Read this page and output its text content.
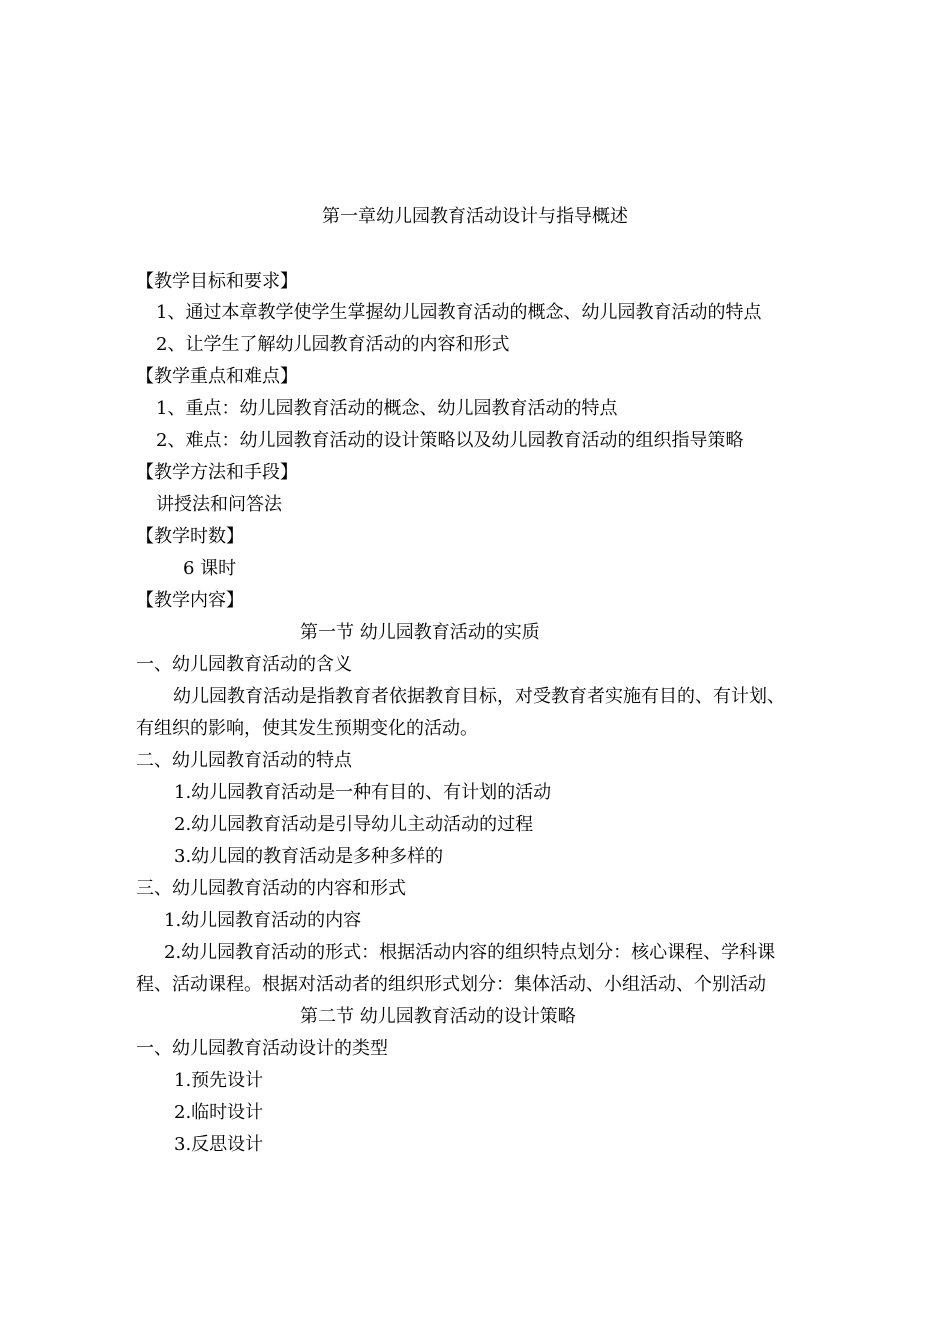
第一章幼儿园教育活动设计与指导概述
【教学目标和要求】
1、通过本章教学使学生掌握幼儿园教育活动的概念、幼儿园教育活动的特点
2、让学生了解幼儿园教育活动的内容和形式
【教学重点和难点】
1、重点：幼儿园教育活动的概念、幼儿园教育活动的特点
2、难点：幼儿园教育活动的设计策略以及幼儿园教育活动的组织指导策略
【教学方法和手段】
讲授法和问答法
【教学时数】
6 课时
【教学内容】
第一节 幼儿园教育活动的实质
一、幼儿园教育活动的含义
幼儿园教育活动是指教育者依据教育目标，对受教育者实施有目的、有计划、
有组织的影响，使其发生预期变化的活动。
二、幼儿园教育活动的特点
1.幼儿园教育活动是一种有目的、有计划的活动
2.幼儿园教育活动是引导幼儿主动活动的过程
3.幼儿园的教育活动是多种多样的
三、幼儿园教育活动的内容和形式
1.幼儿园教育活动的内容
2.幼儿园教育活动的形式：根据活动内容的组织特点划分：核心课程、学科课
程、活动课程。根据对活动者的组织形式划分：集体活动、小组活动、个别活动
第二节 幼儿园教育活动的设计策略
一、幼儿园教育活动设计的类型
1.预先设计
2.临时设计
3.反思设计
